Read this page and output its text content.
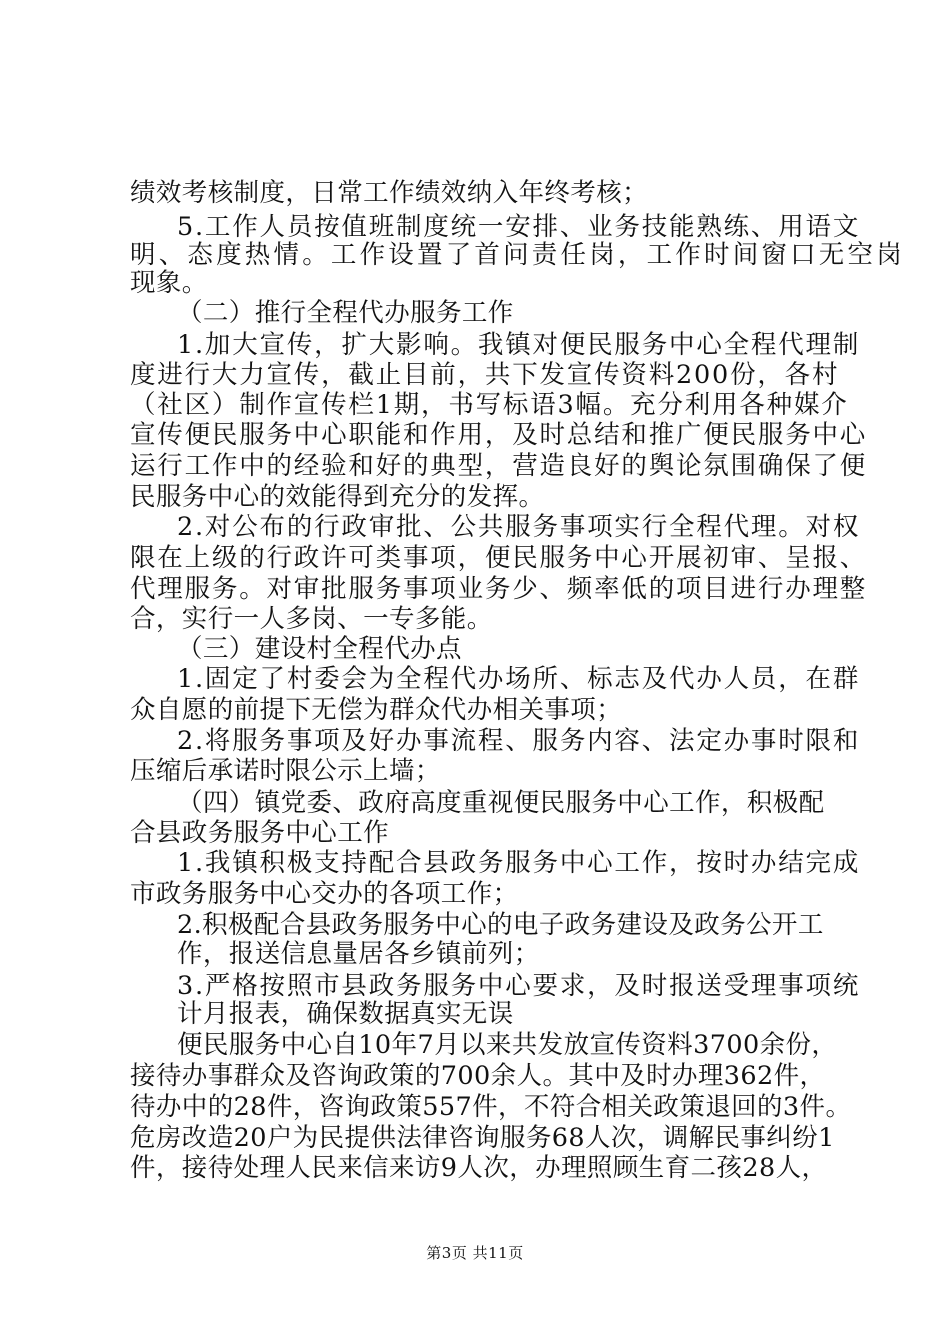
绩效考核制度，日常工作绩效纳入年终考核；
5.工作人员按值班制度统一安排、业务技能熟练、用语文
明、态度热情。工作设置了首问责任岗，工作时间窗口无空岗
现象。
（二）推行全程代办服务工作
1.加大宣传，扩大影响。我镇对便民服务中心全程代理制
度进行大力宣传，截止目前，共下发宣传资料200份，各村
（社区）制作宣传栏1期，书写标语3幅。充分利用各种媒介
宣传便民服务中心职能和作用，及时总结和推广便民服务中心
运行工作中的经验和好的典型，营造良好的舆论氛围确保了便
民服务中心的效能得到充分的发挥。
2.对公布的行政审批、公共服务事项实行全程代理。对权
限在上级的行政许可类事项，便民服务中心开展初审、呈报、
代理服务。对审批服务事项业务少、频率低的项目进行办理整
合，实行一人多岗、一专多能。
（三）建设村全程代办点
1.固定了村委会为全程代办场所、标志及代办人员，在群
众自愿的前提下无偿为群众代办相关事项；
2.将服务事项及好办事流程、服务内容、法定办事时限和
压缩后承诺时限公示上墙；
（四）镇党委、政府高度重视便民服务中心工作，积极配
合县政务服务中心工作
1.我镇积极支持配合县政务服务中心工作，按时办结完成
市政务服务中心交办的各项工作；
2.积极配合县政务服务中心的电子政务建设及政务公开工
作，报送信息量居各乡镇前列；
3.严格按照市县政务服务中心要求，及时报送受理事项统
计月报表，确保数据真实无误
便民服务中心自10年7月以来共发放宣传资料3700余份，
接待办事群众及咨询政策的700余人。其中及时办理362件，
待办中的28件，咨询政策557件，不符合相关政策退回的3件。
危房改造20户为民提供法律咨询服务68人次，调解民事纠纷1
件，接待处理人民来信来访9人次，办理照顾生育二孩28人，
第3页 共11页
